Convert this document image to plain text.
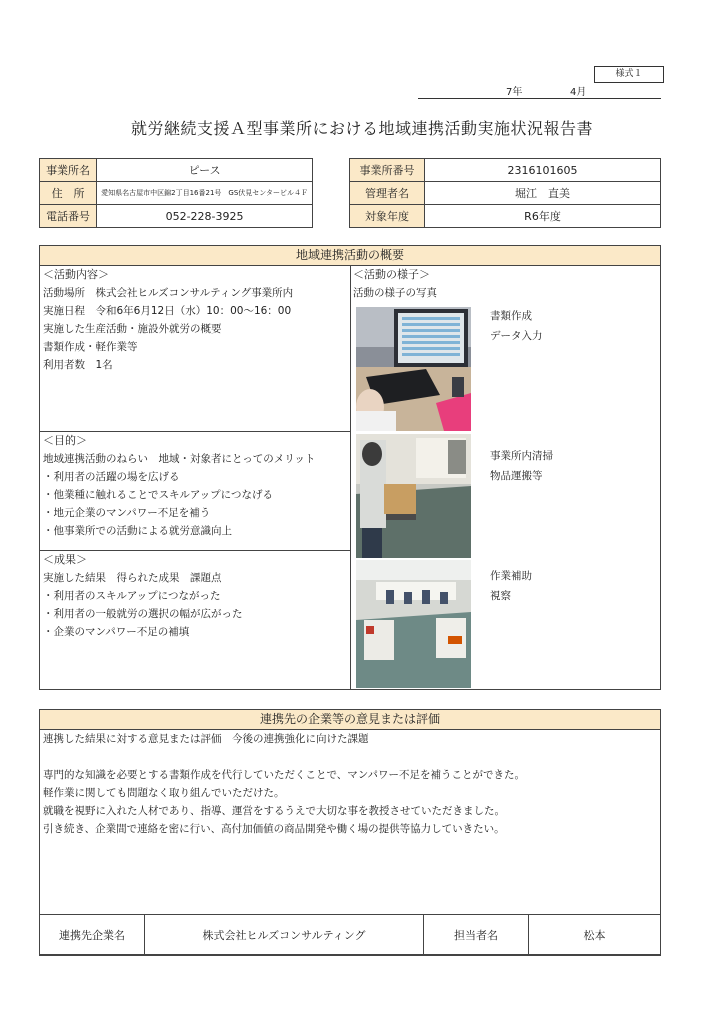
様式１
7年	4月
就労継続支援Ａ型事業所における地域連携活動実施状況報告書
事業所名	ピース
住　所	愛知県名古屋市中区錦2丁目16番21号　GS伏見センタービル４Ｆ
電話番号	052-228-3925
事業所番号	2316101605
管理者名	堀江　直美
対象年度	R6年度
地域連携活動の概要
＜活動内容＞
活動場所　株式会社ヒルズコンサルティング事業所内
実施日程　令和6年6月12日（水）10：00～16：00
実施した生産活動・施設外就労の概要
書類作成・軽作業等
利用者数　1名
＜目的＞
地域連携活動のねらい　地域・対象者にとってのメリット
・利用者の活躍の場を広げる
・他業種に触れることでスキルアップにつなげる
・地元企業のマンパワー不足を補う
・他事業所での活動による就労意識向上
＜成果＞
実施した結果　得られた成果　課題点
・利用者のスキルアップにつながった
・利用者の一般就労の選択の幅が広がった
・企業のマンパワー不足の補填
＜活動の様子＞
活動の様子の写真
書類作成
データ入力
事業所内清掃
物品運搬等
作業補助
視察
連携先の企業等の意見または評価
連携した結果に対する意見または評価　今後の連携強化に向けた課題
専門的な知識を必要とする書類作成を代行していただくことで、マンパワー不足を補うことができた。
軽作業に関しても問題なく取り組んでいただけた。
就職を視野に入れた人材であり、指導、運営をするうえで大切な事を教授させていただきました。
引き続き、企業間で連絡を密に行い、高付加価値の商品開発や働く場の提供等協力していきたい。
連携先企業名	株式会社ヒルズコンサルティング	担当者名	松本
